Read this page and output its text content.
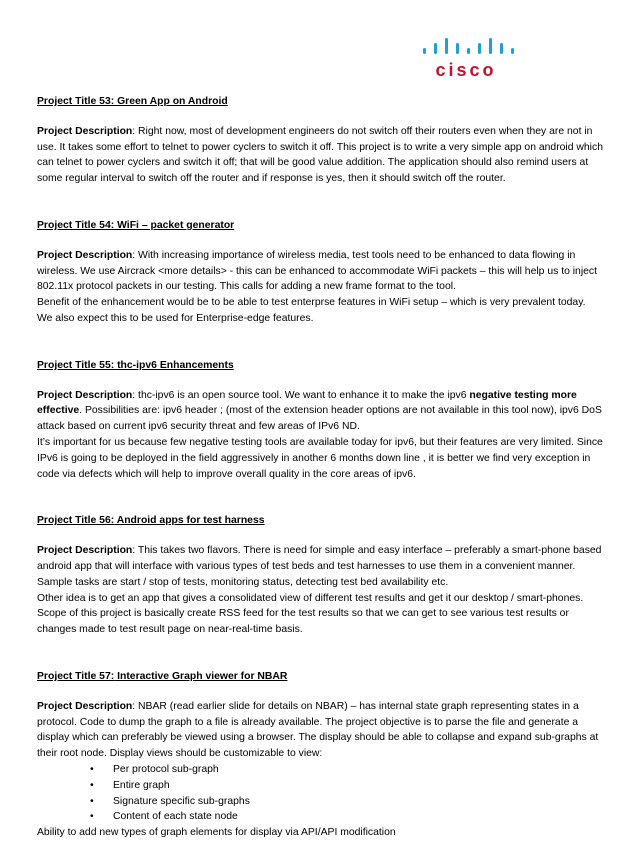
cisco
Project Title 53: Green App on Android

Project Description: Right now, most of development engineers do not switch off their routers even when they are not in use. It takes some effort to telnet to power cyclers to switch it off. This project is to write a very simple app on android which can telnet to power cyclers and switch it off; that will be good value addition. The application should also remind users at some regular interval to switch off the router and if response is yes, then it should switch off the router.

Project Title 54: WiFi – packet generator

Project Description: With increasing importance of wireless media, test tools need to be enhanced to data flowing in wireless. We use Aircrack <more details> - this can be enhanced to accommodate WiFi packets – this will help us to inject 802.11x protocol packets in our testing. This calls for adding a new frame format to the tool.

Benefit of the enhancement would be to be able to test enterprse features in WiFi setup – which is very prevalent today. We also expect this to be used for Enterprise-edge features.

Project Title 55: thc-ipv6 Enhancements

Project Description: thc-ipv6 is an open source tool. We want to enhance it to make the ipv6 negative testing more effective. Possibilities are: ipv6 header ; (most of the extension header options are not available in this tool now), ipv6 DoS attack based on current ipv6 security threat and few areas of IPv6 ND.

It’s important for us because few negative testing tools are available today for ipv6, but their features are very limited. Since IPv6 is going to be deployed in the field aggressively in another 6 months down line , it is better we find very exception in code via defects which will help to improve overall quality in the core areas of ipv6.

Project Title 56: Android apps for test harness

Project Description: This takes two flavors. There is need for simple and easy interface – preferably a smart-phone based android app that will interface with various types of test beds and test harnesses to use them in a convenient manner. Sample tasks are start / stop of tests, monitoring status, detecting test bed availability etc.

Other idea is to get an app that gives a consolidated view of different test results and get it our desktop / smart-phones. Scope of this project is basically create RSS feed for the test results so that we can get to see various test results or changes made to test result page on near-real-time basis.

Project Title 57: Interactive Graph viewer for NBAR

Project Description: NBAR (read earlier slide for details on NBAR) – has internal state graph representing states in a protocol. Code to dump the graph to a file is already available. The project objective is to parse the file and generate a display which can preferably be viewed using a browser. The display should be able to collapse and expand sub-graphs at their root node. Display views should be customizable to view:

• Per protocol sub-graph
• Entire graph
• Signature specific sub-graphs
• Content of each state node

Ability to add new types of graph elements for display via API/API modification
